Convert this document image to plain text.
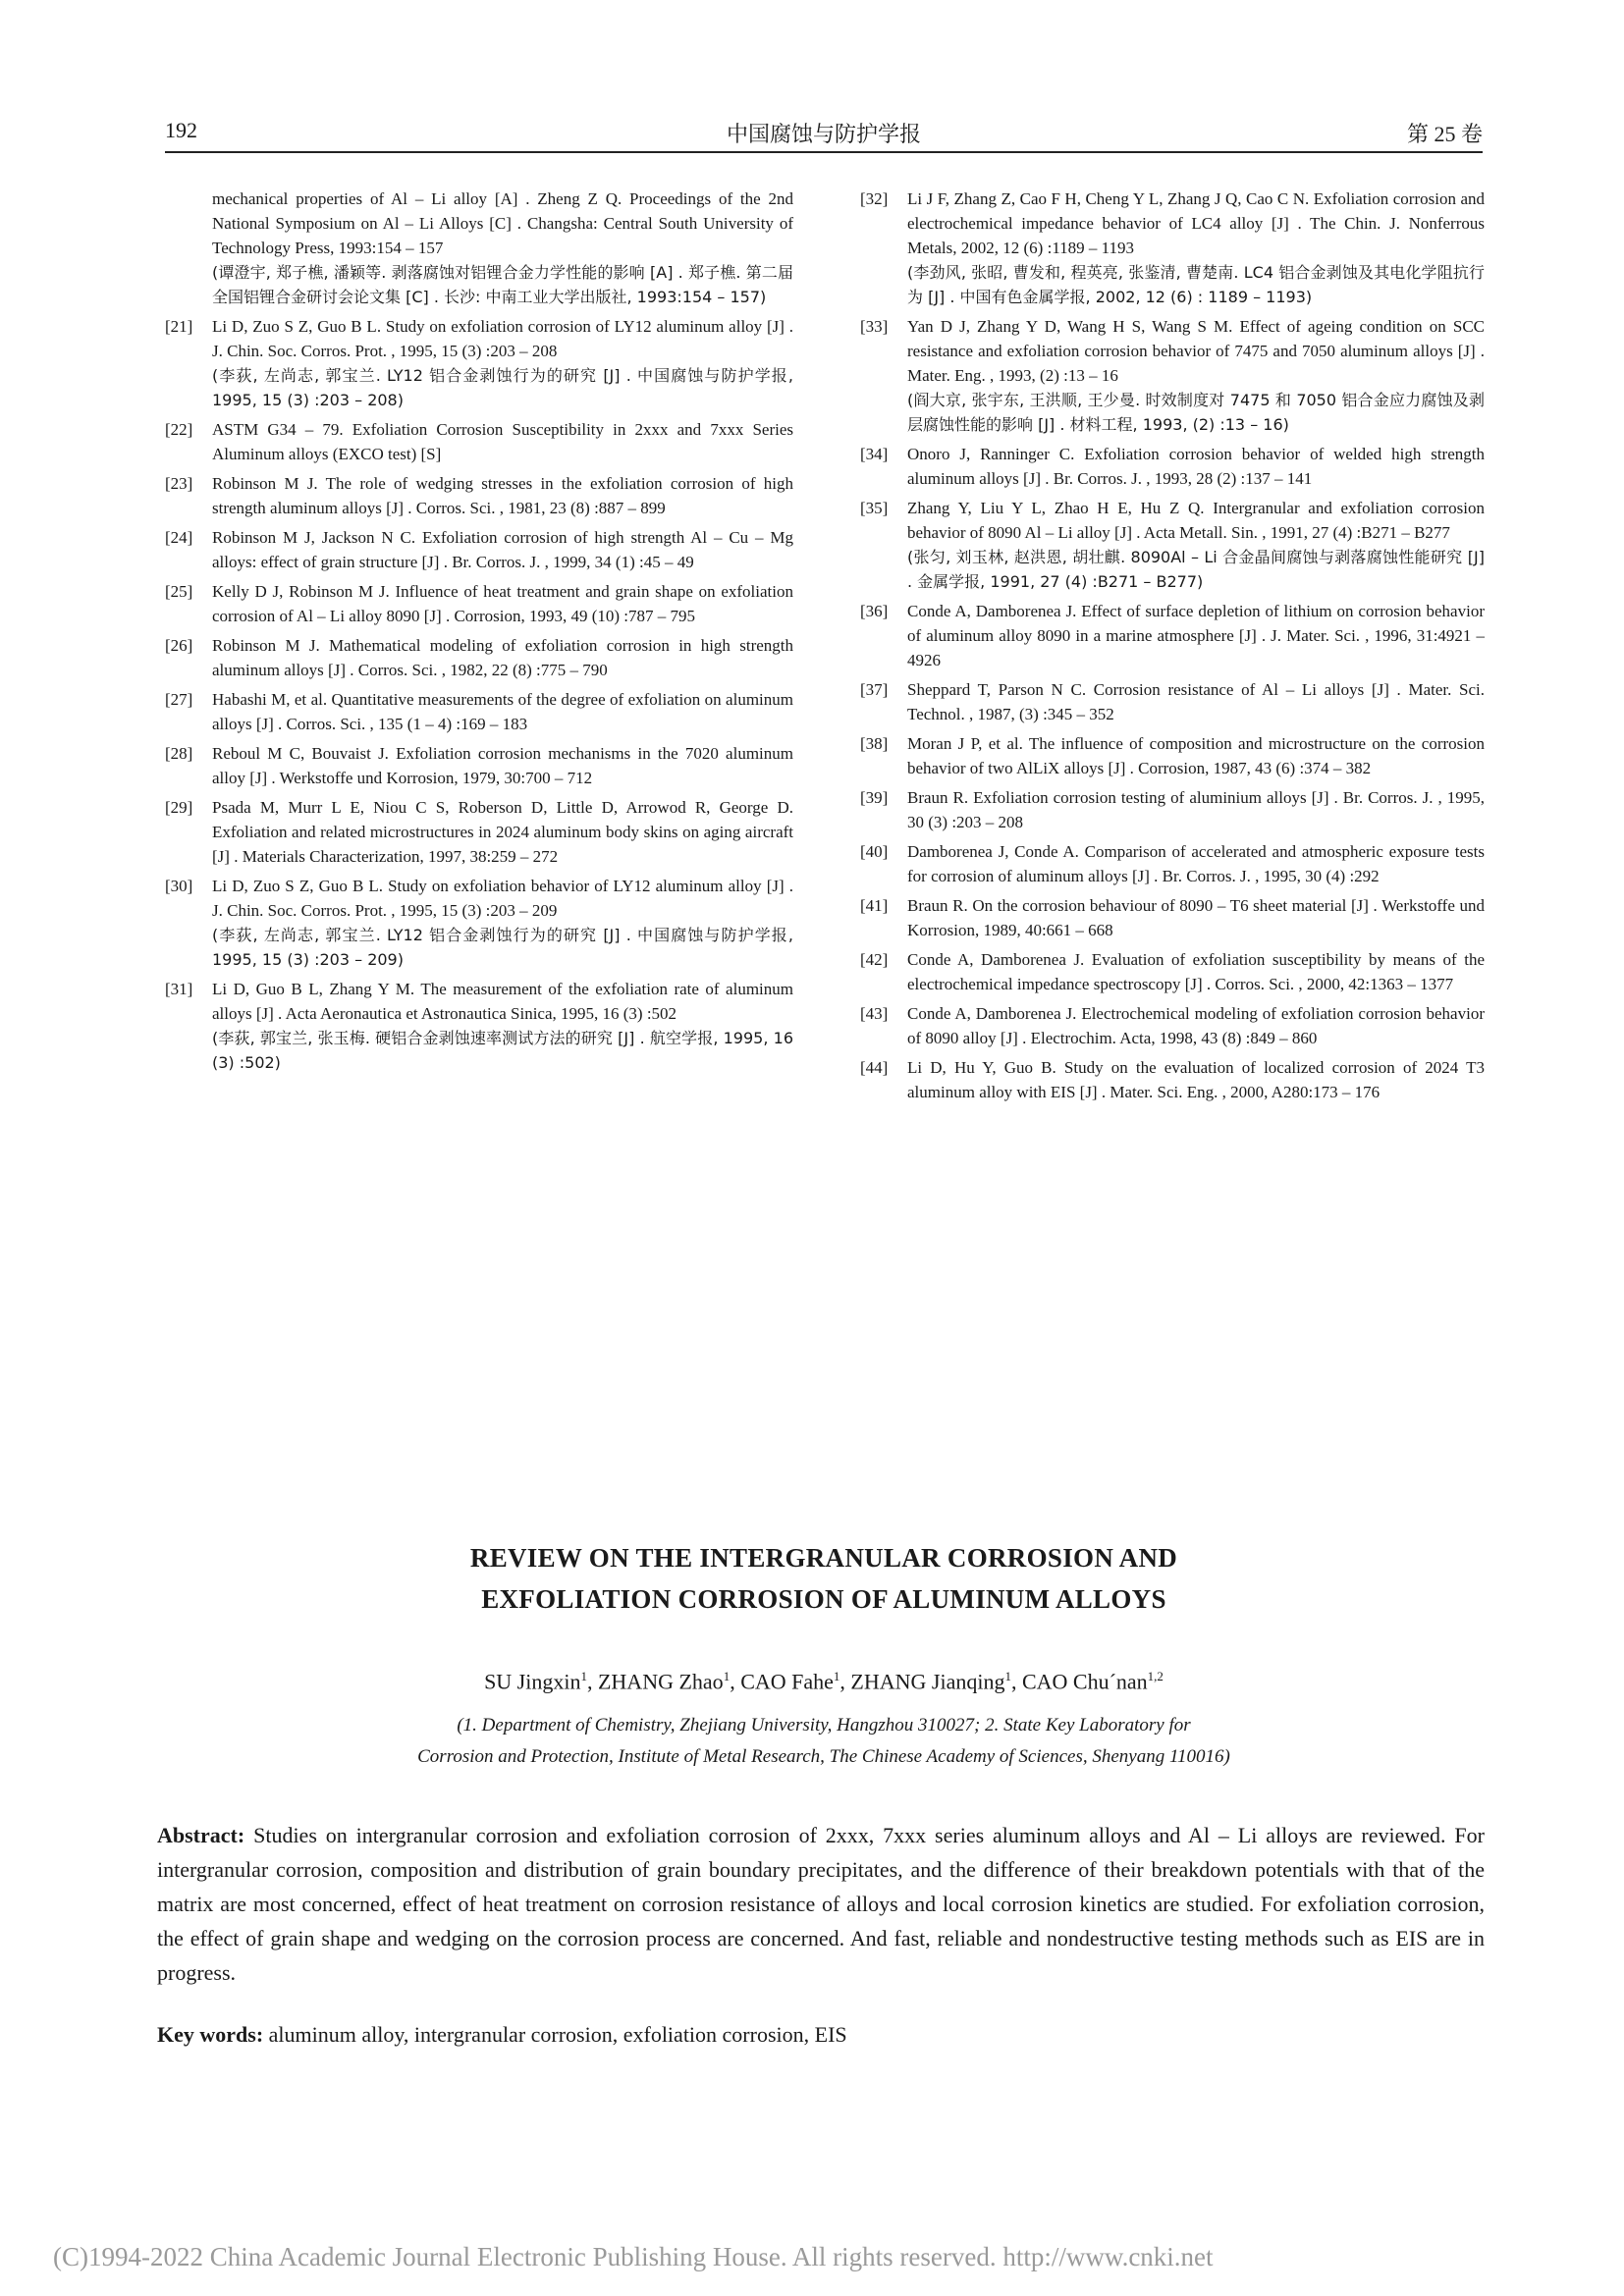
192	中国腐蚀与防护学报	第 25 卷
mechanical properties of Al – Li alloy [A] . Zheng Z Q. Proceedings of the 2nd National Symposium on Al – Li Alloys [C] . Changsha: Central South University of Technology Press, 1993:154 – 157
(谭澄宇, 郑子樵, 潘颖等. 剥落腐蚀对铝锂合金力学性能的影响 [A] . 郑子樵. 第二届全国铝锂合金研讨会论文集 [C] . 长沙: 中南工业大学出版社, 1993:154 – 157)
[21] Li D, Zuo S Z, Guo B L. Study on exfoliation corrosion of LY12 aluminum alloy [J] . J. Chin. Soc. Corros. Prot. , 1995, 15 (3) :203 – 208
(李荻, 左尚志, 郭宝兰. LY12 铝合金剥蚀行为的研究 [J] . 中国腐蚀与防护学报, 1995, 15 (3) :203 – 208)
[22] ASTM G34 – 79. Exfoliation Corrosion Susceptibility in 2xxx and 7xxx Series Aluminum alloys (EXCO test) [S]
[23] Robinson M J. The role of wedging stresses in the exfoliation corrosion of high strength aluminum alloys [J] . Corros. Sci. , 1981, 23 (8) :887 – 899
[24] Robinson M J, Jackson N C. Exfoliation corrosion of high strength Al – Cu – Mg alloys: effect of grain structure [J] . Br. Corros. J. , 1999, 34 (1) :45 – 49
[25] Kelly D J, Robinson M J. Influence of heat treatment and grain shape on exfoliation corrosion of Al – Li alloy 8090 [J] . Corrosion, 1993, 49 (10) :787 – 795
[26] Robinson M J. Mathematical modeling of exfoliation corrosion in high strength aluminum alloys [J] . Corros. Sci. , 1982, 22 (8) :775 – 790
[27] Habashi M, et al. Quantitative measurements of the degree of exfoliation on aluminum alloys [J] . Corros. Sci. , 135 (1 – 4) :169 – 183
[28] Reboul M C, Bouvaist J. Exfoliation corrosion mechanisms in the 7020 aluminum alloy [J] . Werkstoffe und Korrosion, 1979, 30:700 – 712
[29] Psada M, Murr L E, Niou C S, Roberson D, Little D, Arrowod R, George D. Exfoliation and related microstructures in 2024 aluminum body skins on aging aircraft [J] . Materials Characterization, 1997, 38:259 – 272
[30] Li D, Zuo S Z, Guo B L. Study on exfoliation behavior of LY12 aluminum alloy [J] . J. Chin. Soc. Corros. Prot. , 1995, 15 (3) :203 – 209
(李荻, 左尚志, 郭宝兰. LY12 铝合金剥蚀行为的研究 [J] . 中国腐蚀与防护学报, 1995, 15 (3) :203 – 209)
[31] Li D, Guo B L, Zhang Y M. The measurement of the exfoliation rate of aluminum alloys [J] . Acta Aeronautica et Astronautica Sinica, 1995, 16 (3) :502
(李荻, 郭宝兰, 张玉梅. 硬铝合金剥蚀速率测试方法的研究 [J] . 航空学报, 1995, 16 (3) :502)
[32] Li J F, Zhang Z, Cao F H, Cheng Y L, Zhang J Q, Cao C N. Exfoliation corrosion and electrochemical impedance behavior of LC4 alloy [J] . The Chin. J. Nonferrous Metals, 2002, 12 (6) :1189 – 1193
(李劲风, 张昭, 曹发和, 程英亮, 张鉴清, 曹楚南. LC4 铝合金剥蚀及其电化学阻抗行为 [J] . 中国有色金属学报, 2002, 12 (6) : 1189 – 1193)
[33] Yan D J, Zhang Y D, Wang H S, Wang S M. Effect of ageing condition on SCC resistance and exfoliation corrosion behavior of 7475 and 7050 aluminum alloys [J] . Mater. Eng. , 1993, (2) :13 – 16
(阎大京, 张宇东, 王洪顺, 王少曼. 时效制度对 7475 和 7050 铝合金应力腐蚀及剥层腐蚀性能的影响 [J] . 材料工程, 1993, (2) :13 – 16)
[34] Onoro J, Ranninger C. Exfoliation corrosion behavior of welded high strength aluminum alloys [J] . Br. Corros. J. , 1993, 28 (2) :137 – 141
[35] Zhang Y, Liu Y L, Zhao H E, Hu Z Q. Intergranular and exfoliation corrosion behavior of 8090 Al – Li alloy [J] . Acta Metall. Sin. , 1991, 27 (4) :B271 – B277
(张匀, 刘玉林, 赵洪恩, 胡壮麒. 8090Al – Li 合金晶间腐蚀与剥落腐蚀性能研究 [J] . 金属学报, 1991, 27 (4) :B271 – B277)
[36] Conde A, Damborenea J. Effect of surface depletion of lithium on corrosion behavior of aluminum alloy 8090 in a marine atmosphere [J] . J. Mater. Sci. , 1996, 31:4921 – 4926
[37] Sheppard T, Parson N C. Corrosion resistance of Al – Li alloys [J] . Mater. Sci. Technol. , 1987, (3) :345 – 352
[38] Moran J P, et al. The influence of composition and microstructure on the corrosion behavior of two AlLiX alloys [J] . Corrosion, 1987, 43 (6) :374 – 382
[39] Braun R. Exfoliation corrosion testing of aluminium alloys [J] . Br. Corros. J. , 1995, 30 (3) :203 – 208
[40] Damborenea J, Conde A. Comparison of accelerated and atmospheric exposure tests for corrosion of aluminum alloys [J] . Br. Corros. J. , 1995, 30 (4) :292
[41] Braun R. On the corrosion behaviour of 8090 – T6 sheet material [J] . Werkstoffe und Korrosion, 1989, 40:661 – 668
[42] Conde A, Damborenea J. Evaluation of exfoliation susceptibility by means of the electrochemical impedance spectroscopy [J] . Corros. Sci. , 2000, 42:1363 – 1377
[43] Conde A, Damborenea J. Electrochemical modeling of exfoliation corrosion behavior of 8090 alloy [J] . Electrochim. Acta, 1998, 43 (8) :849 – 860
[44] Li D, Hu Y, Guo B. Study on the evaluation of localized corrosion of 2024 T3 aluminum alloy with EIS [J] . Mater. Sci. Eng. , 2000, A280:173 – 176
REVIEW ON THE INTERGRANULAR CORROSION AND
EXFOLIATION CORROSION OF ALUMINUM ALLOYS
SU Jingxin$^1$, ZHANG Zhao$^1$, CAO Fahe$^1$, ZHANG Jianqing$^1$, CAO Chu´nan$^{1,2}$
(1. Department of Chemistry, Zhejiang University, Hangzhou 310027; 2. State Key Laboratory for
Corrosion and Protection, Institute of Metal Research, The Chinese Academy of Sciences, Shenyang 110016)
Abstract: Studies on intergranular corrosion and exfoliation corrosion of 2xxx, 7xxx series aluminum alloys and Al – Li alloys are reviewed. For intergranular corrosion, composition and distribution of grain boundary precipitates, and the difference of their breakdown potentials with that of the matrix are most concerned, effect of heat treatment on corrosion resistance of alloys and local corrosion kinetics are studied. For exfoliation corrosion, the effect of grain shape and wedging on the corrosion process are concerned. And fast, reliable and nondestructive testing methods such as EIS are in progress.
Key words: aluminum alloy, intergranular corrosion, exfoliation corrosion, EIS
(C)1994-2022 China Academic Journal Electronic Publishing House. All rights reserved. http://www.cnki.net
